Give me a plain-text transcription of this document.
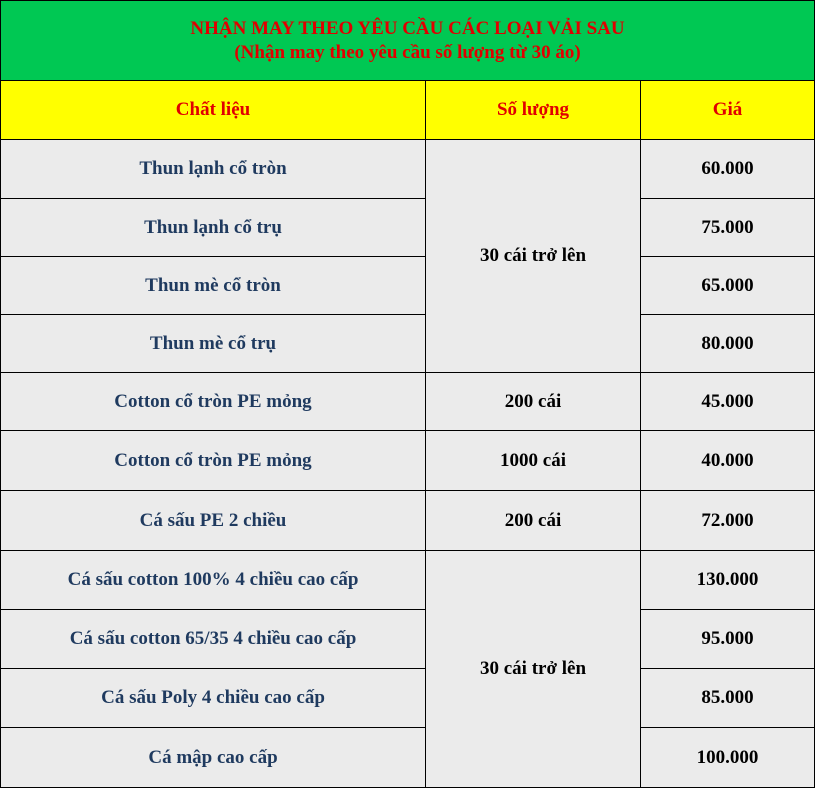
NHẬN MAY THEO YÊU CẦU CÁC LOẠI VẢI SAU
(Nhận may theo yêu cầu số lượng từ 30 áo)		

Chất liệu	Số lượng	Giá
Thun lạnh cổ tròn	30 cái trở lên	60.000
Thun lạnh cổ trụ		75.000
Thun mè cổ tròn		65.000
Thun mè cổ trụ		80.000
Cotton cổ tròn PE mỏng	200 cái	45.000
Cotton cổ tròn PE mỏng	1000 cái	40.000
Cá sấu PE 2 chiều	200 cái	72.000
Cá sấu cotton 100% 4 chiều cao cấp	30 cái trở lên	130.000
Cá sấu cotton 65/35 4 chiều cao cấp		95.000
Cá sấu Poly 4 chiều cao cấp		85.000
Cá mập cao cấp		100.000
